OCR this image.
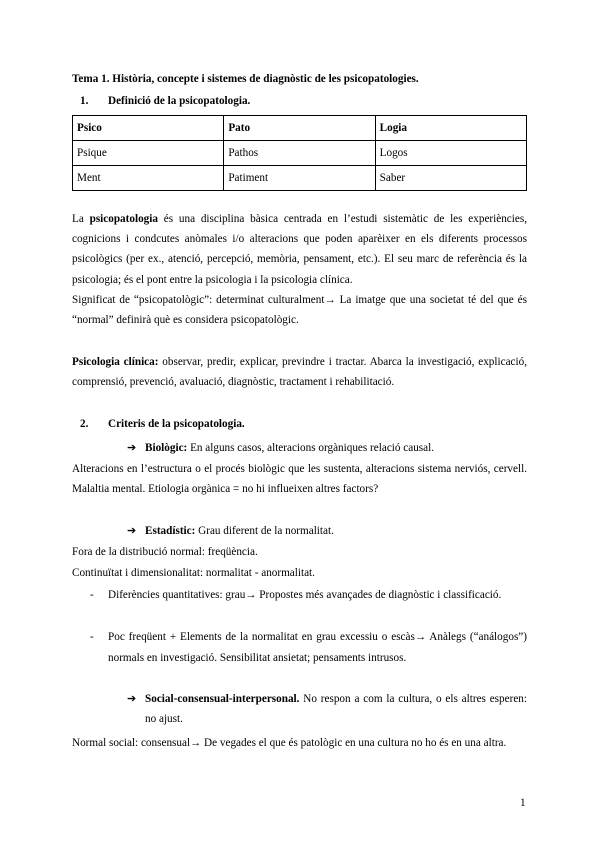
Tema 1. Història, concepte i sistemes de diagnòstic de les psicopatologies.
1. Definició de la psicopatologia.
Psico	Pato	Logia
Psique	Pathos	Logos
Ment	Patiment	Saber
La psicopatologia és una disciplina bàsica centrada en l’estudi sistemàtic de les experiències, cognicions i condcutes anòmales i/o alteracions que poden aparèixer en els diferents processos psicològics (per ex., atenció, percepció, memòria, pensament, etc.). El seu marc de referència és la psicologia; és el pont entre la psicologia i la psicologia clínica.
Significat de “psicopatològic”: determinat culturalment→ La imatge que una societat té del que és “normal” definirà què es considera psicopatològic.
Psicologia clínica: observar, predir, explicar, previndre i tractar. Abarca la investigació, explicació, comprensió, prevenció, avaluació, diagnòstic, tractament i rehabilitació.
2. Criteris de la psicopatologia.
➔ Biològic: En alguns casos, alteracions orgàniques relació causal.
Alteracions en l’estructura o el procés biològic que les sustenta, alteracions sistema nerviós, cervell. Malaltia mental. Etiologia orgànica = no hi influeixen altres factors?
➔ Estadístic: Grau diferent de la normalitat.
Fora de la distribució normal: freqüència.
Continuïtat i dimensionalitat: normalitat - anormalitat.
- Diferències quantitatives: grau→ Propostes més avançades de diagnòstic i classificació.
- Poc freqüent + Elements de la normalitat en grau excessiu o escàs→ Anàlegs (“análogos”) normals en investigació. Sensibilitat ansietat; pensaments intrusos.
➔ Social-consensual-interpersonal. No respon a com la cultura, o els altres esperen: no ajust.
Normal social: consensual→ De vegades el que és patològic en una cultura no ho és en una altra.
1
